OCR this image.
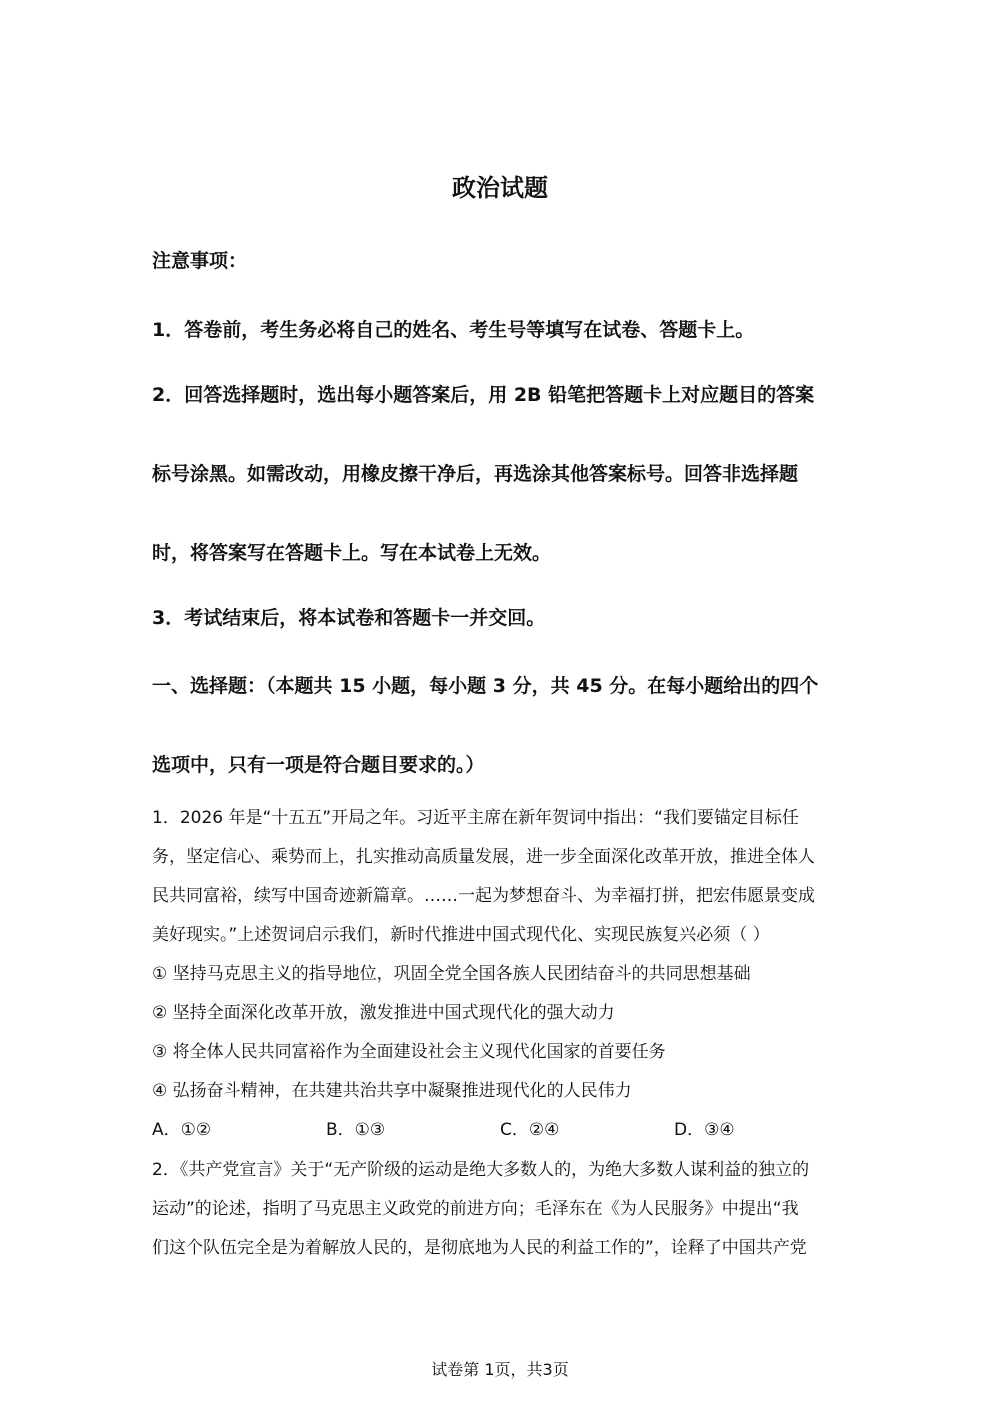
政治试题
注意事项：
1．答卷前，考生务必将自己的姓名、考生号等填写在试卷、答题卡上。
2．回答选择题时，选出每小题答案后，用 2B 铅笔把答题卡上对应题目的答案
标号涂黑。如需改动，用橡皮擦干净后，再选涂其他答案标号。回答非选择题
时，将答案写在答题卡上。写在本试卷上无效。
3．考试结束后，将本试卷和答题卡一并交回。
一、选择题：（本题共 15 小题，每小题 3 分，共 45 分。在每小题给出的四个
选项中，只有一项是符合题目要求的。）
1．2026 年是“十五五”开局之年。习近平主席在新年贺词中指出：“我们要锚定目标任
务，坚定信心、乘势而上，扎实推动高质量发展，进一步全面深化改革开放，推进全体人
民共同富裕，续写中国奇迹新篇章。……一起为梦想奋斗、为幸福打拼，把宏伟愿景变成
美好现实。”上述贺词启示我们，新时代推进中国式现代化、实现民族复兴必须（ ）
① 坚持马克思主义的指导地位，巩固全党全国各族人民团结奋斗的共同思想基础
② 坚持全面深化改革开放，激发推进中国式现代化的强大动力
③ 将全体人民共同富裕作为全面建设社会主义现代化国家的首要任务
④ 弘扬奋斗精神，在共建共治共享中凝聚推进现代化的人民伟力
A．①②	B．①③	C．②④	D．③④
2．《共产党宣言》关于“无产阶级的运动是绝大多数人的，为绝大多数人谋利益的独立的
运动”的论述，指明了马克思主义政党的前进方向；毛泽东在《为人民服务》中提出“我
们这个队伍完全是为着解放人民的，是彻底地为人民的利益工作的”，诠释了中国共产党
试卷第 1页，共3页
